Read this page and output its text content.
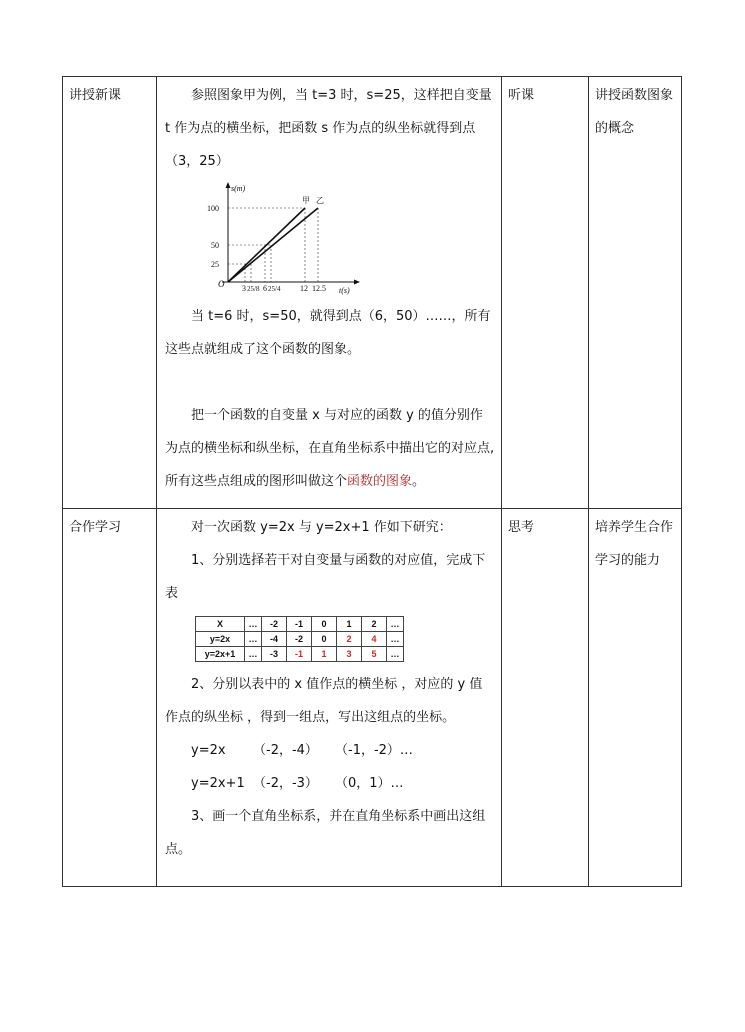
讲授新课	参照图象甲为例，当 t=3 时，s=25，这样把自变量 t 作为点的横坐标，把函数 s 作为点的纵坐标就得到点（3，25）

s(m)
t(s)
O
甲 乙
100
50
25
3 25/8 6 25/4 12 12.5

当 t=6 时，s=50，就得到点（6，50）……，所有这些点就组成了这个函数的图象。

把一个函数的自变量 x 与对应的函数 y 的值分别作为点的横坐标和纵坐标，在直角坐标系中描出它的对应点,所有这些点组成的图形叫做这个函数的图象。

	听课	讲授函数图象的概念
合作学习	对一次函数 y=2x 与 y=2x+1 作如下研究：

1、分别选择若干对自变量与函数的对应值，完成下表

X	…	-2	-1	0	1	2	…
y=2x	…	-4	-2	0	2	4	…
y=2x+1	…	-3	-1	1	3	5	…

2、分别以表中的 x 值作点的横坐标 ，对应的 y 值作点的纵坐标 ，得到一组点，写出这组点的坐标。

y=2x （-2，-4） （-1，-2）…

y=2x+1 （-2，-3） （0，1）…

3、画一个直角坐标系，并在直角坐标系中画出这组点。

	思考	培养学生合作学习的能力
